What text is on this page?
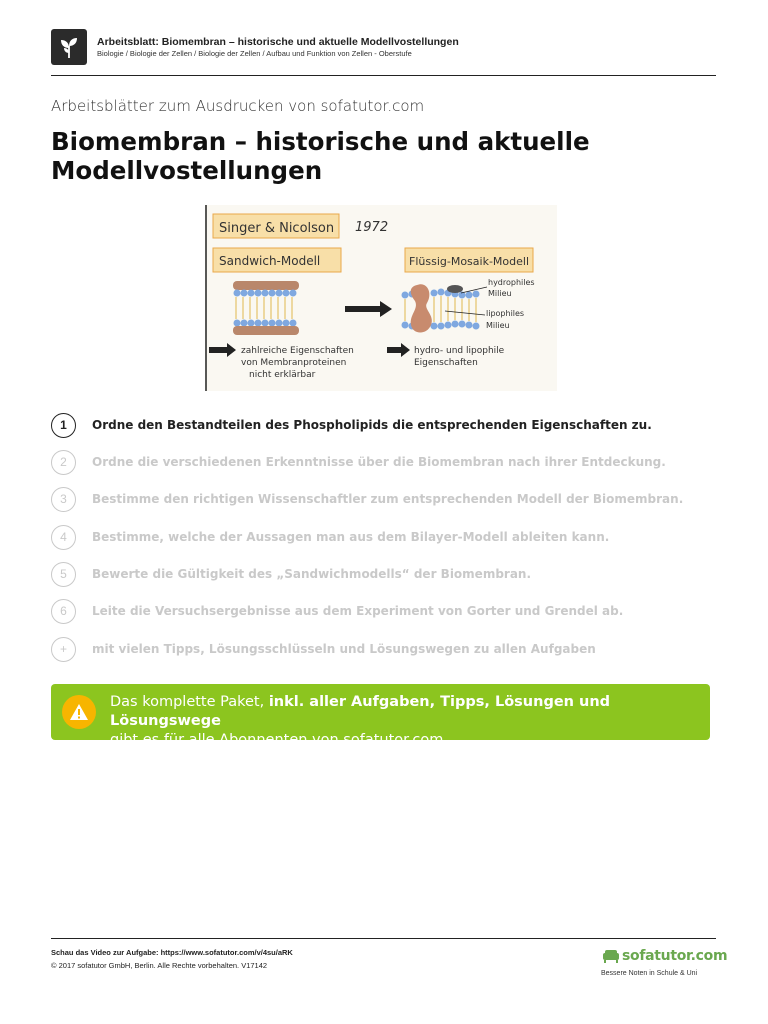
Arbeitsblatt: Biomembran – historische und aktuelle Modellvostellungen
Biologie / Biologie der Zellen / Biologie der Zellen / Aufbau und Funktion von Zellen - Oberstufe
Arbeitsblätter zum Ausdrucken von sofatutor.com
Biomembran – historische und aktuelle
Modellvostellungen
Singer & Nicolson 1972
Sandwich-Modell	Flüssig-Mosaik-Modell
hydrophiles
Milieu
lipophiles
Milieu
zahlreiche Eigenschaften
von Membranproteinen
nicht erklärbar
hydro- und lipophile
Eigenschaften
1	Ordne den Bestandteilen des Phospholipids die entsprechenden Eigenschaften zu.
2	Ordne die verschiedenen Erkenntnisse über die Biomembran nach ihrer Entdeckung.
3	Bestimme den richtigen Wissenschaftler zum entsprechenden Modell der Biomembran.
4	Bestimme, welche der Aussagen man aus dem Bilayer-Modell ableiten kann.
5	Bewerte die Gültigkeit des „Sandwichmodells“ der Biomembran.
6	Leite die Versuchsergebnisse aus dem Experiment von Gorter und Grendel ab.
+	mit vielen Tipps, Lösungsschlüsseln und Lösungswegen zu allen Aufgaben
Das komplette Paket, inkl. aller Aufgaben, Tipps, Lösungen und Lösungswege
gibt es für alle Abonnenten von sofatutor.com
Schau das Video zur Aufgabe: https://www.sofatutor.com/v/4su/aRK
© 2017 sofatutor GmbH, Berlin. Alle Rechte vorbehalten. V17142
sofatutor.com
Bessere Noten in Schule & Uni
